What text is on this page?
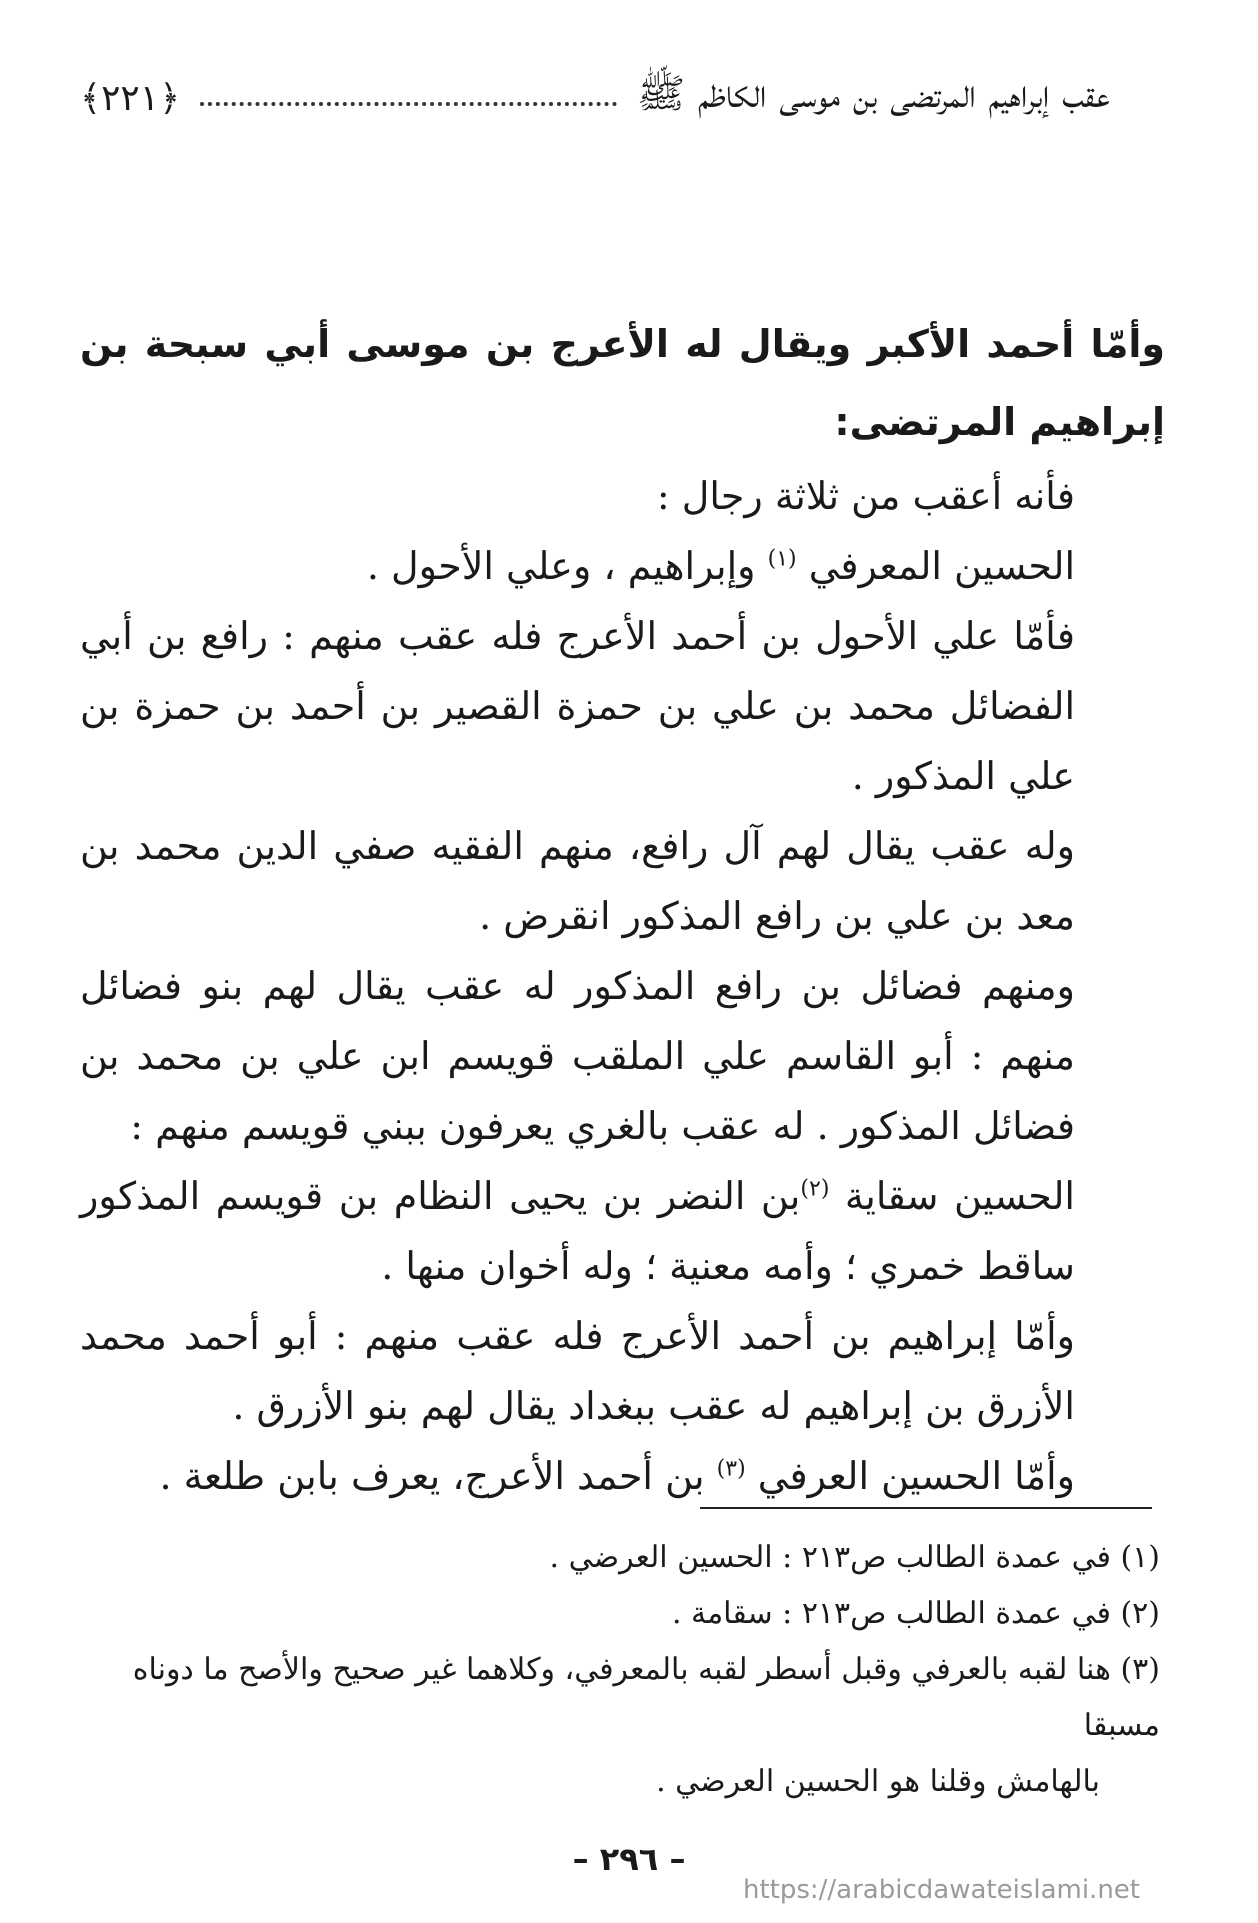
عقب إبراهيم المرتضى بن موسى الكاظم ﷺ
﴿٢٢١﴾

وأمّا أحمد الأكبر ويقال له الأعرج بن موسى أبي سبحة بن إبراهيم المرتضى:

فأنه أعقب من ثلاثة رجال :

الحسين المعرفي $^{(١)}$ وإبراهيم ، وعلي الأحول .

فأمّا علي الأحول بن أحمد الأعرج فله عقب منهم : رافع بن أبي الفضائل محمد بن علي بن حمزة القصير بن أحمد بن حمزة بن علي المذكور .

وله عقب يقال لهم آل رافع، منهم الفقيه صفي الدين محمد بن معد بن علي بن رافع المذكور انقرض .

ومنهم فضائل بن رافع المذكور له عقب يقال لهم بنو فضائل منهم : أبو القاسم علي الملقب قويسم ابن علي بن محمد بن فضائل المذكور . له عقب بالغري يعرفون ببني قويسم منهم :

الحسين سقاية $^{(٢)}$بن النضر بن يحيى النظام بن قويسم المذكور ساقط خمري ؛ وأمه معنية ؛ وله أخوان منها .

وأمّا إبراهيم بن أحمد الأعرج فله عقب منهم : أبو أحمد محمد الأزرق بن إبراهيم له عقب ببغداد يقال لهم بنو الأزرق .

وأمّا الحسين العرفي $^{(٣)}$ بن أحمد الأعرج، يعرف بابن طلعة .

(١) في عمدة الطالب ص٢١٣ : الحسين العرضي .

(٢) في عمدة الطالب ص٢١٣ : سقامة .

(٣) هنا لقبه بالعرفي وقبل أسطر لقبه بالمعرفي، وكلاهما غير صحيح والأصح ما دوناه مسبقا

بالهامش وقلنا هو الحسين العرضي .

– ٢٩٦ –
https://arabicdawateislami.net
